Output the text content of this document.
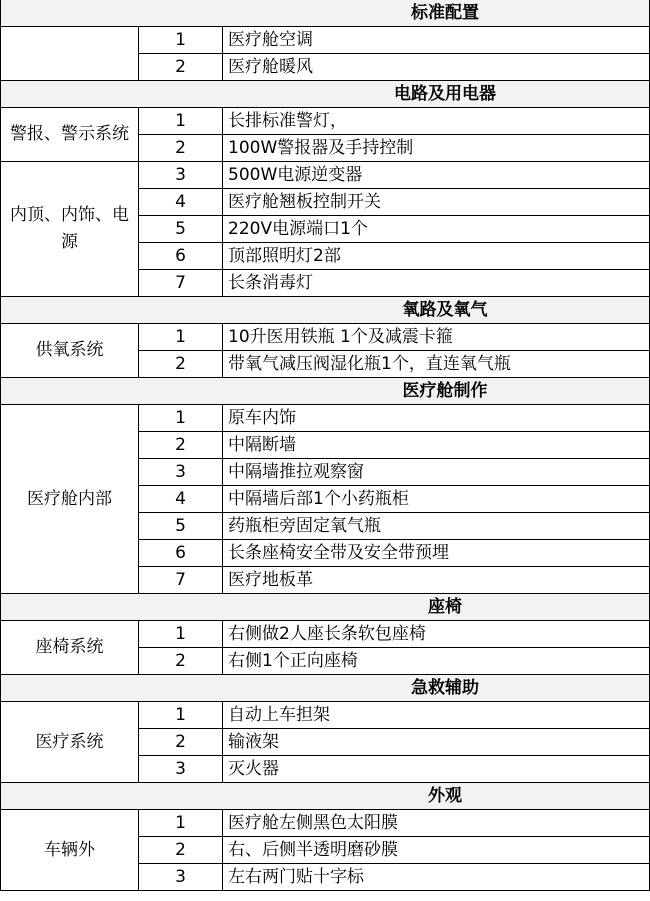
标准配置		
	1	医疗舱空调
	2	医疗舱暖风
电路及用电器		
警报、警示系统	1	长排标准警灯，
	2	100W警报器及手持控制
内顶、内饰、电源	3	500W电源逆变器
	4	医疗舱翘板控制开关
	5	220V电源端口1个
	6	顶部照明灯2部
	7	长条消毒灯
氧路及氧气		
供氧系统	1	10升医用铁瓶 1个及减震卡箍
	2	带氧气减压阀湿化瓶1个，直连氧气瓶
医疗舱制作		
医疗舱内部	1	原车内饰
	2	中隔断墙
	3	中隔墙推拉观察窗
	4	中隔墙后部1个小药瓶柜
	5	药瓶柜旁固定氧气瓶
	6	长条座椅安全带及安全带预埋
	7	医疗地板革
座椅		
座椅系统	1	右侧做2人座长条软包座椅
	2	右侧1个正向座椅
急救辅助		
医疗系统	1	自动上车担架
	2	输液架
	3	灭火器
外观		
车辆外	1	医疗舱左侧黑色太阳膜
	2	右、后侧半透明磨砂膜
	3	左右两门贴十字标
